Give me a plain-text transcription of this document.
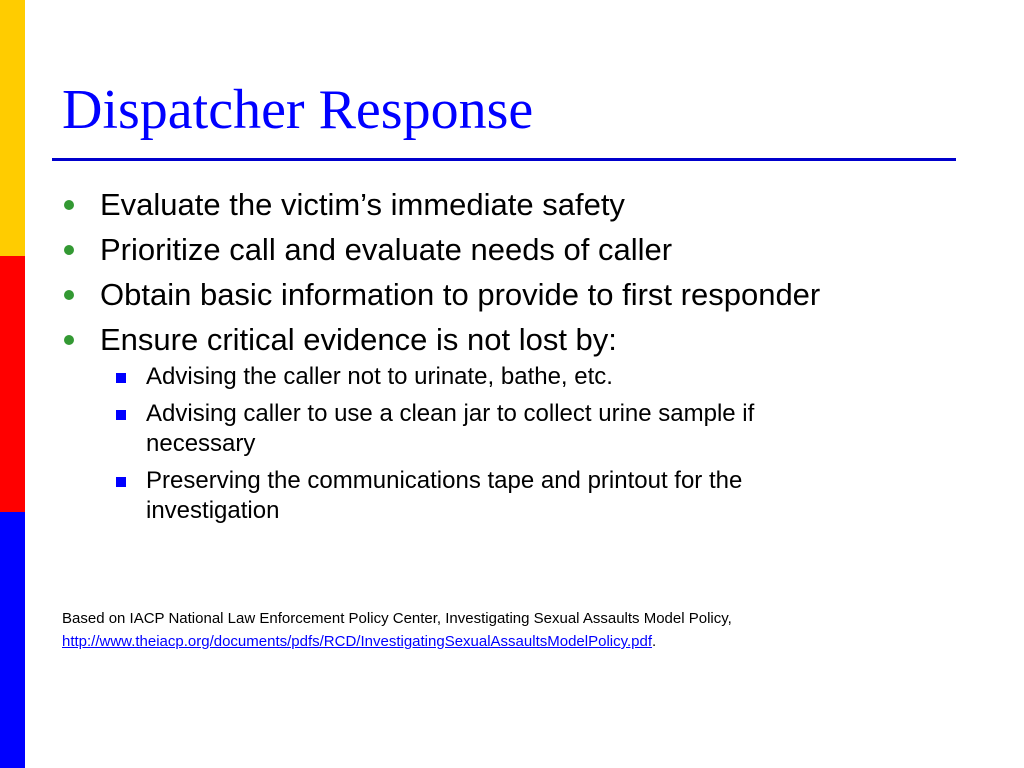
Dispatcher Response
Evaluate the victim’s immediate safety
Prioritize call and evaluate needs of caller
Obtain basic information to provide to first responder
Ensure critical evidence is not lost by:
Advising the caller not to urinate, bathe, etc.
Advising caller to use a clean jar to collect urine sample if necessary
Preserving the communications tape and printout for the investigation
Based on IACP National Law Enforcement Policy Center, Investigating Sexual Assaults Model Policy,
http://www.theiacp.org/documents/pdfs/RCD/InvestigatingSexualAssaultsModelPolicy.pdf.
